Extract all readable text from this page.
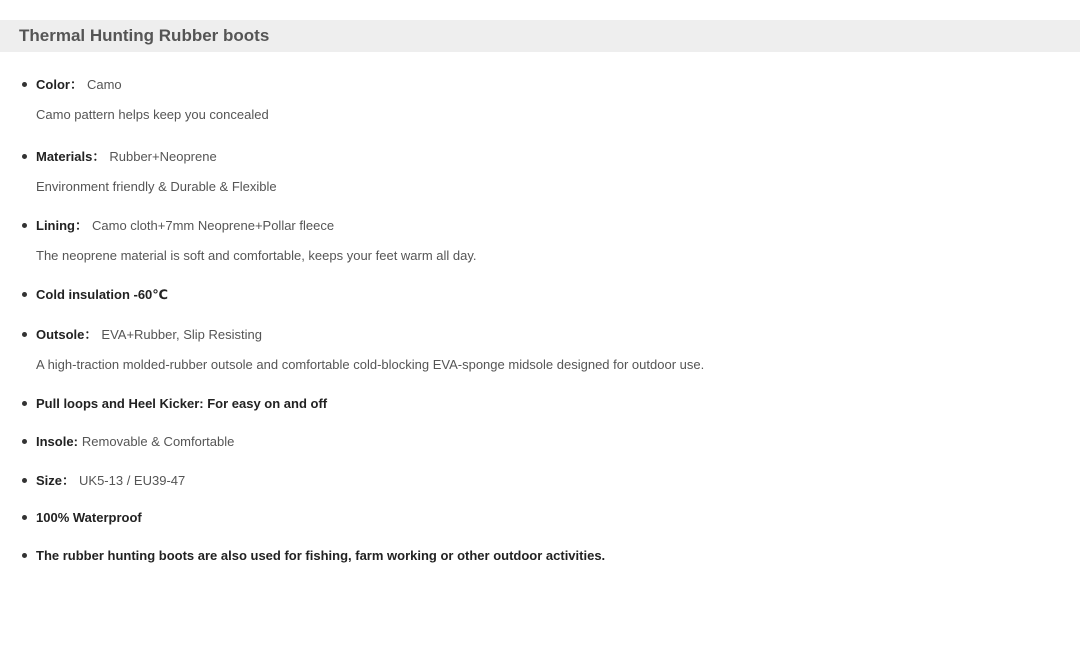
Thermal Hunting Rubber boots
Color： Camo
Camo pattern helps keep you concealed
Materials： Rubber+Neoprene
Environment friendly & Durable & Flexible
Lining： Camo cloth+7mm Neoprene+Pollar fleece
The neoprene material is soft and comfortable, keeps your feet warm all day.
Cold insulation -60℃
Outsole： EVA+Rubber, Slip Resisting
A high-traction molded-rubber outsole and comfortable cold-blocking EVA-sponge midsole designed for outdoor use.
Pull loops and Heel Kicker: For easy on and off
Insole: Removable & Comfortable
Size： UK5-13 / EU39-47
100% Waterproof
The rubber hunting boots are also used for fishing, farm working or other outdoor activities.
